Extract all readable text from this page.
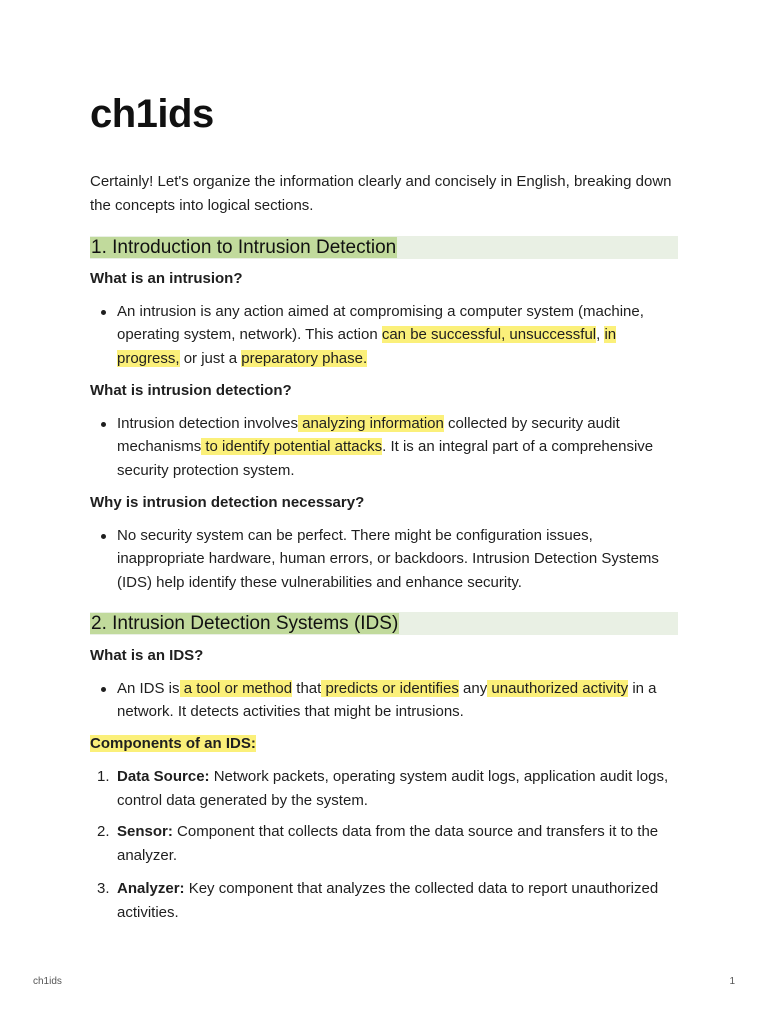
ch1ids

Certainly! Let's organize the information clearly and concisely in English, breaking down the concepts into logical sections.

1. Introduction to Intrusion Detection

What is an intrusion?

An intrusion is any action aimed at compromising a computer system (machine, operating system, network). This action can be successful, unsuccessful, in progress, or just a preparatory phase.

What is intrusion detection?

Intrusion detection involves analyzing information collected by security audit mechanisms to identify potential attacks. It is an integral part of a comprehensive security protection system.

Why is intrusion detection necessary?

No security system can be perfect. There might be configuration issues, inappropriate hardware, human errors, or backdoors. Intrusion Detection Systems (IDS) help identify these vulnerabilities and enhance security.

2. Intrusion Detection Systems (IDS)

What is an IDS?

An IDS is a tool or method that predicts or identifies any unauthorized activity in a network. It detects activities that might be intrusions.

Components of an IDS:

1. Data Source: Network packets, operating system audit logs, application audit logs, control data generated by the system.

2. Sensor: Component that collects data from the data source and transfers it to the analyzer.

3. Analyzer: Key component that analyzes the collected data to report unauthorized activities.

ch1ids	1
